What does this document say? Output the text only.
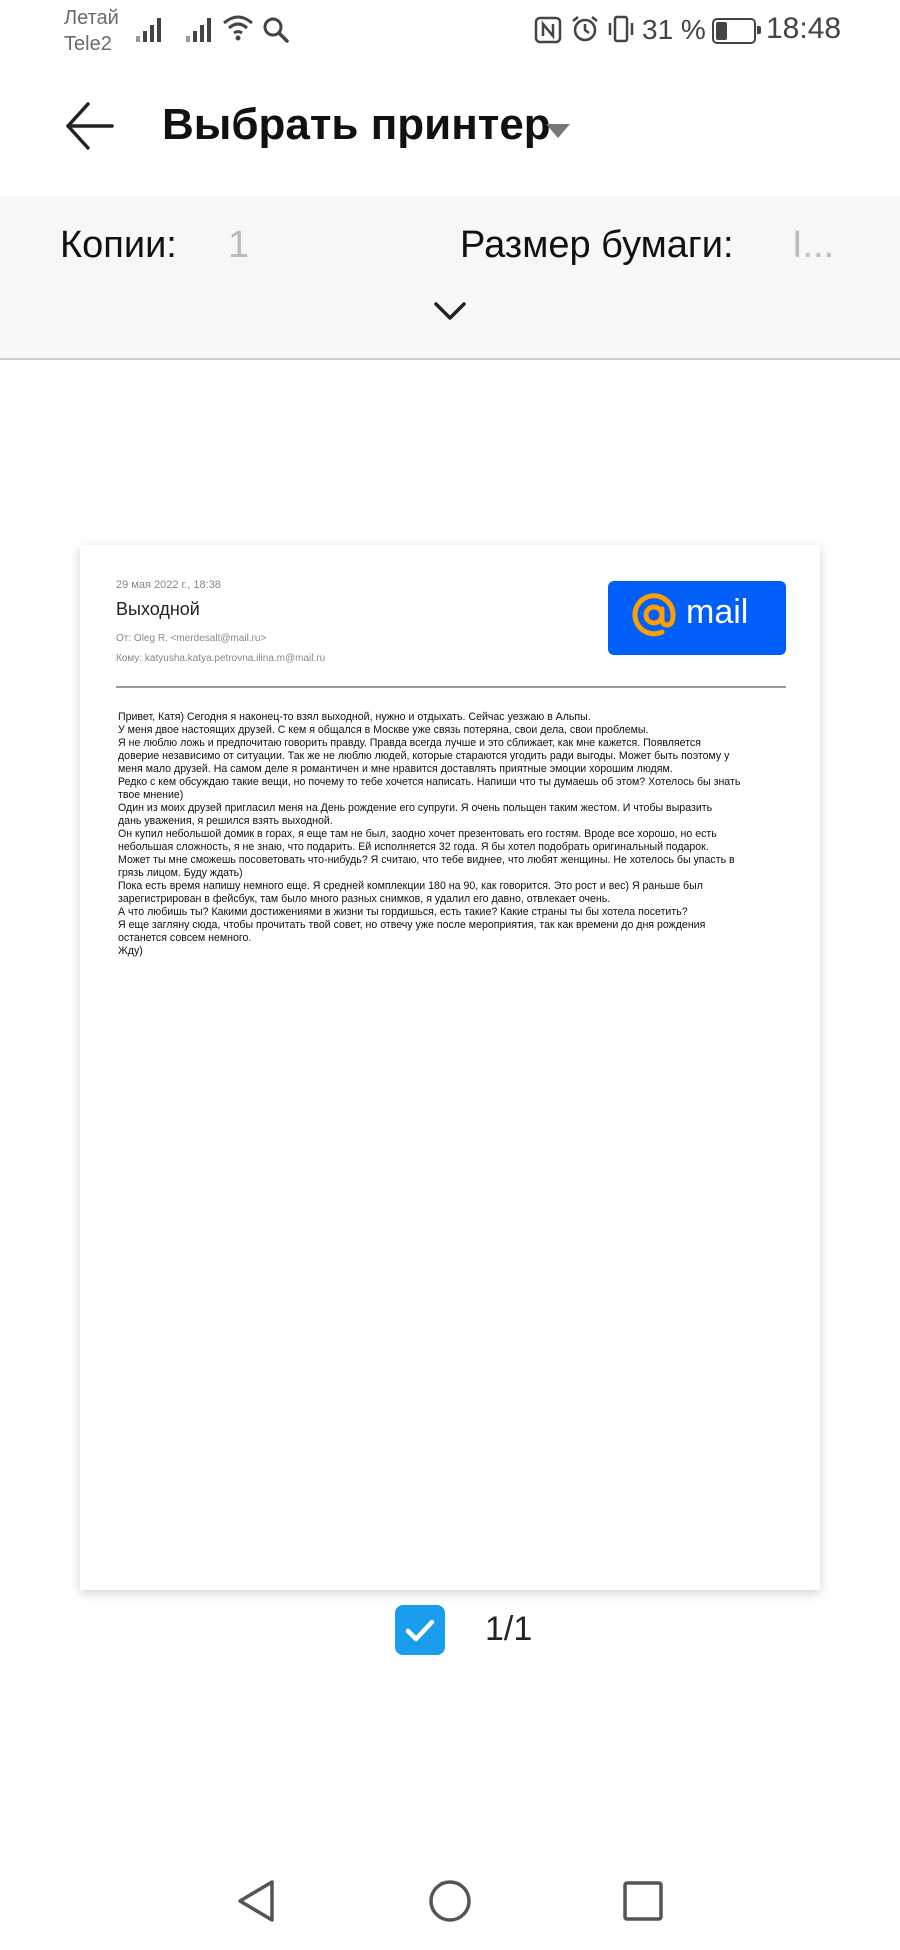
Летай
Tele2	31 % 18:48
Выбрать принтер
Копии: 1	Размер бумаги: I...
29 мая 2022 г., 18:38
Выходной
От: Oleg R. <merdesalt@mail.ru>
Кому: katyusha.katya.petrovna.ilina.m@mail.ru
mail
Привет, Катя) Сегодня я наконец-то взял выходной, нужно и отдыхать. Сейчас уезжаю в Альпы.
У меня двое настоящих друзей. С кем я общался в Москве уже связь потеряна, свои дела, свои проблемы.
Я не люблю ложь и предпочитаю говорить правду. Правда всегда лучше и это сближает, как мне кажется. Появляется
доверие независимо от ситуации. Так же не люблю людей, которые стараются угодить ради выгоды. Может быть поэтому у
меня мало друзей. На самом деле я романтичен и мне нравится доставлять приятные эмоции хорошим людям.
Редко с кем обсуждаю такие вещи, но почему то тебе хочется написать. Напиши что ты думаешь об этом? Хотелось бы знать
твое мнение)
Один из моих друзей пригласил меня на День рождение его супруги. Я очень польщен таким жестом. И чтобы выразить
дань уважения, я решился взять выходной.
Он купил небольшой домик в горах, я еще там не был, заодно хочет презентовать его гостям. Вроде все хорошо, но есть
небольшая сложность, я не знаю, что подарить. Ей исполняется 32 года. Я бы хотел подобрать оригинальный подарок.
Может ты мне сможешь посоветовать что-нибудь? Я считаю, что тебе виднее, что любят женщины. Не хотелось бы упасть в
грязь лицом. Буду ждать)
Пока есть время напишу немного еще. Я средней комплекции 180 на 90, как говорится. Это рост и вес) Я раньше был
зарегистрирован в фейсбук, там было много разных снимков, я удалил его давно, отвлекает очень.
А что любишь ты? Какими достижениями в жизни ты гордишься, есть такие? Какие страны ты бы хотела посетить?
Я еще загляну сюда, чтобы прочитать твой совет, но отвечу уже после мероприятия, так как времени до дня рождения
останется совсем немного.
Жду)
1/1
